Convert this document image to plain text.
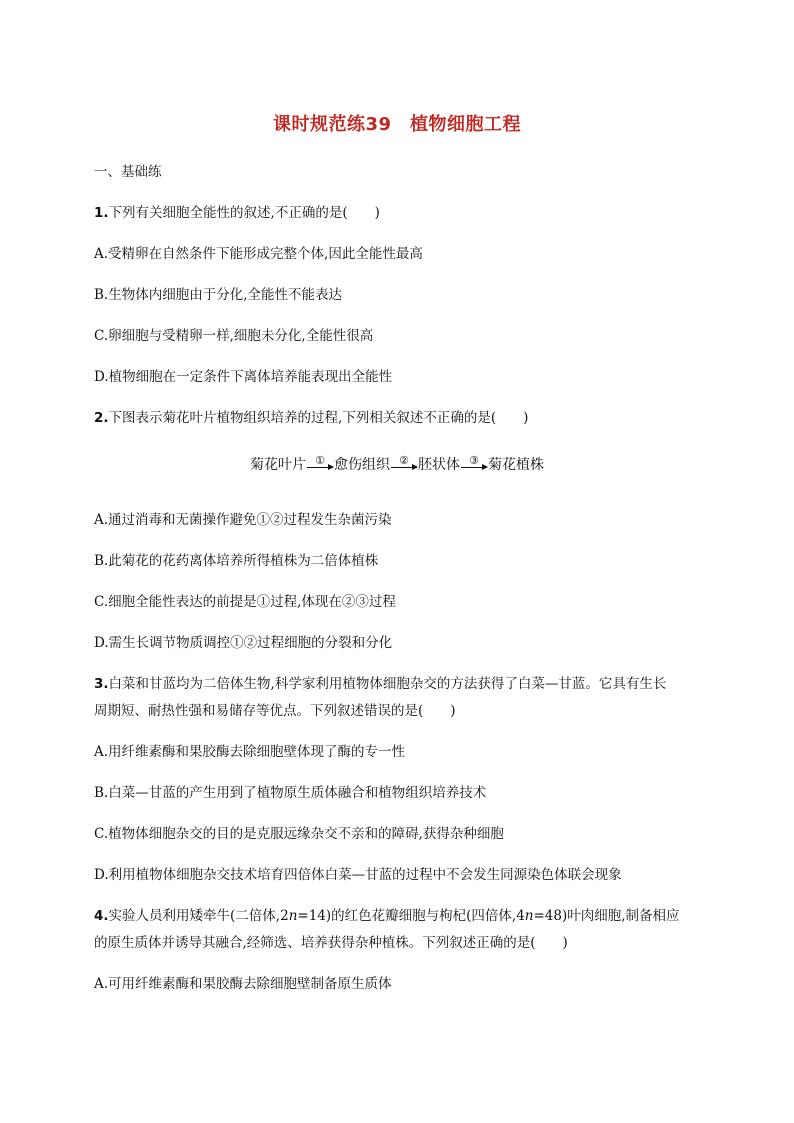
课时规范练39　植物细胞工程
一、基础练
1.下列有关细胞全能性的叙述,不正确的是(　　)
A.受精卵在自然条件下能形成完整个体,因此全能性最高
B.生物体内细胞由于分化,全能性不能表达
C.卵细胞与受精卵一样,细胞未分化,全能性很高
D.植物细胞在一定条件下离体培养能表现出全能性
2.下图表示菊花叶片植物组织培养的过程,下列相关叙述不正确的是(　　)
菊花叶片 ① 愈伤组织 ② 胚状体 ③ 菊花植株
A.通过消毒和无菌操作避免①②过程发生杂菌污染
B.此菊花的花药离体培养所得植株为二倍体植株
C.细胞全能性表达的前提是①过程,体现在②③过程
D.需生长调节物质调控①②过程细胞的分裂和分化
3.白菜和甘蓝均为二倍体生物,科学家利用植物体细胞杂交的方法获得了白菜—甘蓝。它具有生长
周期短、耐热性强和易储存等优点。下列叙述错误的是(　　)
A.用纤维素酶和果胶酶去除细胞壁体现了酶的专一性
B.白菜—甘蓝的产生用到了植物原生质体融合和植物组织培养技术
C.植物体细胞杂交的目的是克服远缘杂交不亲和的障碍,获得杂种细胞
D.利用植物体细胞杂交技术培育四倍体白菜—甘蓝的过程中不会发生同源染色体联会现象
4.实验人员利用矮牵牛(二倍体,2n=14)的红色花瓣细胞与枸杞(四倍体,4n=48)叶肉细胞,制备相应
的原生质体并诱导其融合,经筛选、培养获得杂种植株。下列叙述正确的是(　　)
A.可用纤维素酶和果胶酶去除细胞壁制备原生质体
